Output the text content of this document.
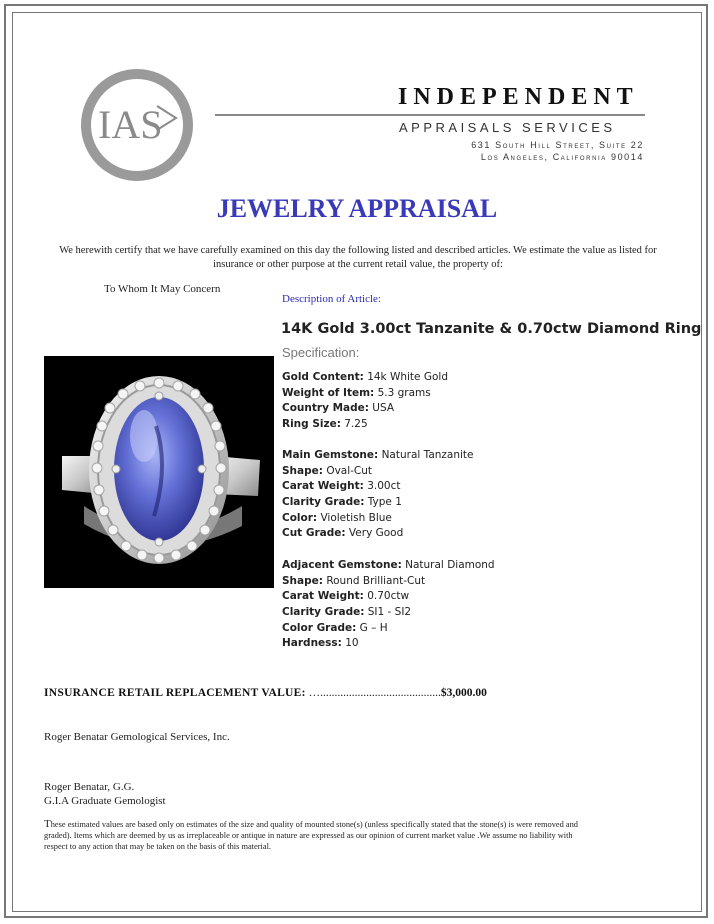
IAS
Appraisal
INDEPENDENT
APPRAISALS SERVICES
631 South Hill Street, Suite 22
Los Angeles, California 90014
JEWELRY APPRAISAL
We herewith certify that we have carefully examined on this day the following listed and described articles. We estimate the value as listed for insurance or other purpose at the current retail value, the property of:
To Whom It May Concern
Description of Article:
14K Gold 3.00ct Tanzanite & 0.70ctw Diamond Ring
Specification:
Gold Content: 14k White Gold
Weight of Item: 5.3 grams
Country Made: USA
Ring Size: 7.25
Main Gemstone: Natural Tanzanite
Shape: Oval-Cut
Carat Weight: 3.00ct
Clarity Grade: Type 1
Color: Violetish Blue
Cut Grade: Very Good
Adjacent Gemstone: Natural Diamond
Shape: Round Brilliant-Cut
Carat Weight: 0.70ctw
Clarity Grade: SI1 - SI2
Color Grade: G – H
Hardness: 10
INSURANCE RETAIL REPLACEMENT VALUE: …..........................................$3,000.00
Roger Benatar Gemological Services, Inc.
Roger Benatar, G.G.
G.I.A Graduate Gemologist
These estimated values are based only on estimates of the size and quality of mounted stone(s) (unless specifically stated that the stone(s) is were removed and graded). Items which are deemed by us as irreplaceable or antique in nature are expressed as our opinion of current market value .We assume no liability with respect to any action that may be taken on the basis of this material.
